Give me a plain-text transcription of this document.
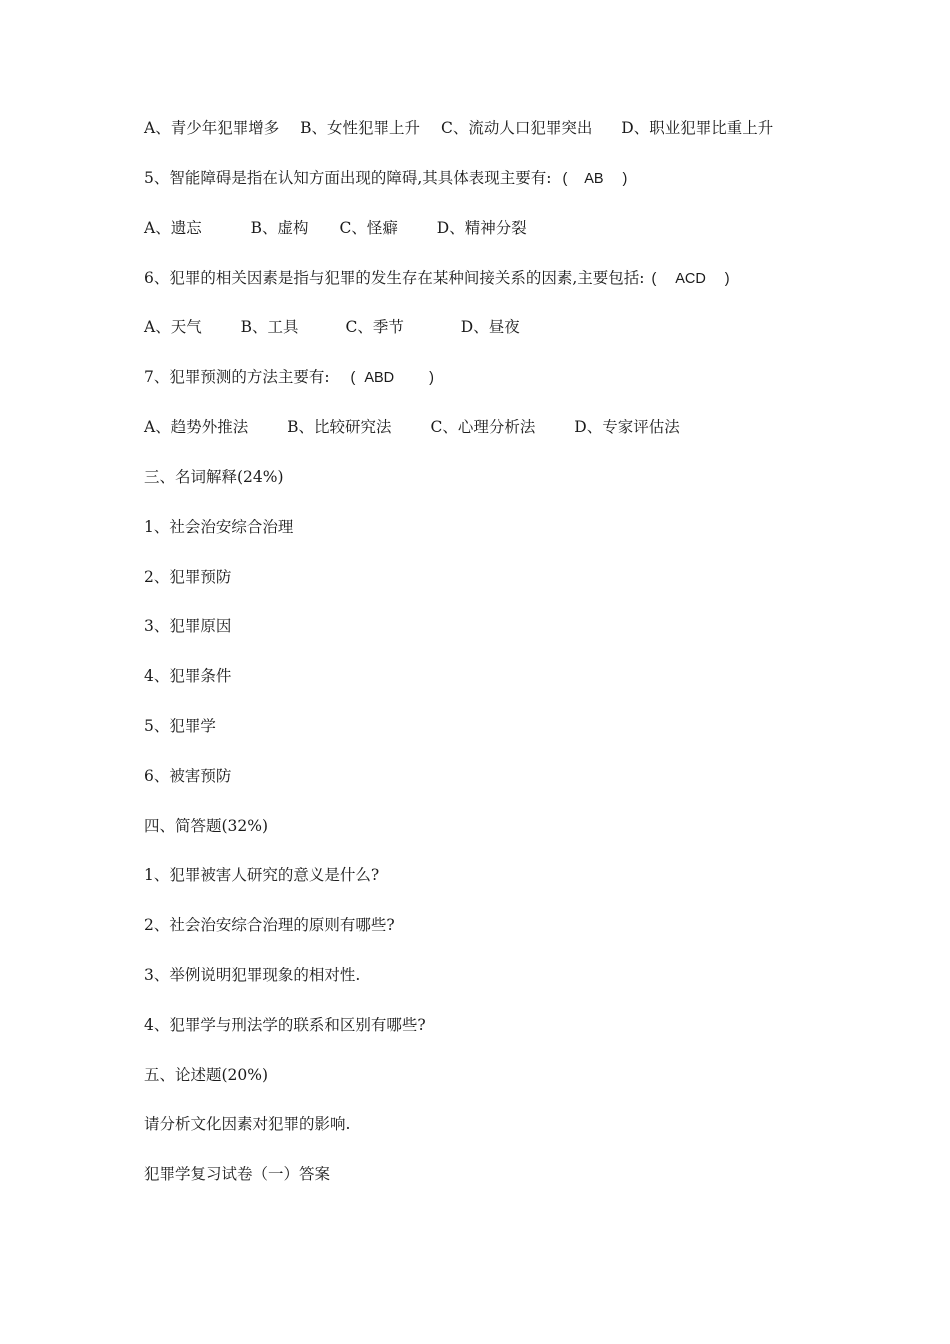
A、青少年犯罪增多 B、女性犯罪上升 C、流动人口犯罪突出 D、职业犯罪比重上升
5、智能障碍是指在认知方面出现的障碍,其具体表现主要有: ( AB )
A、遗忘	B、虚构 C、怪癖	D、精神分裂
6、犯罪的相关因素是指与犯罪的发生存在某种间接关系的因素,主要包括: ( ACD )
A、天气	B、工具	C、季节	D、昼夜
7、犯罪预测的方法主要有: ( ABD )
A、趋势外推法	B、比较研究法	C、心理分析法	D、专家评估法
三、名词解释(24%)
1、社会治安综合治理
2、犯罪预防
3、犯罪原因
4、犯罪条件
5、犯罪学
6、被害预防
四、简答题(32%)
1、犯罪被害人研究的意义是什么?
2、社会治安综合治理的原则有哪些?
3、举例说明犯罪现象的相对性.
4、犯罪学与刑法学的联系和区别有哪些?
五、论述题(20%)
请分析文化因素对犯罪的影响.
犯罪学复习试卷（一）答案
